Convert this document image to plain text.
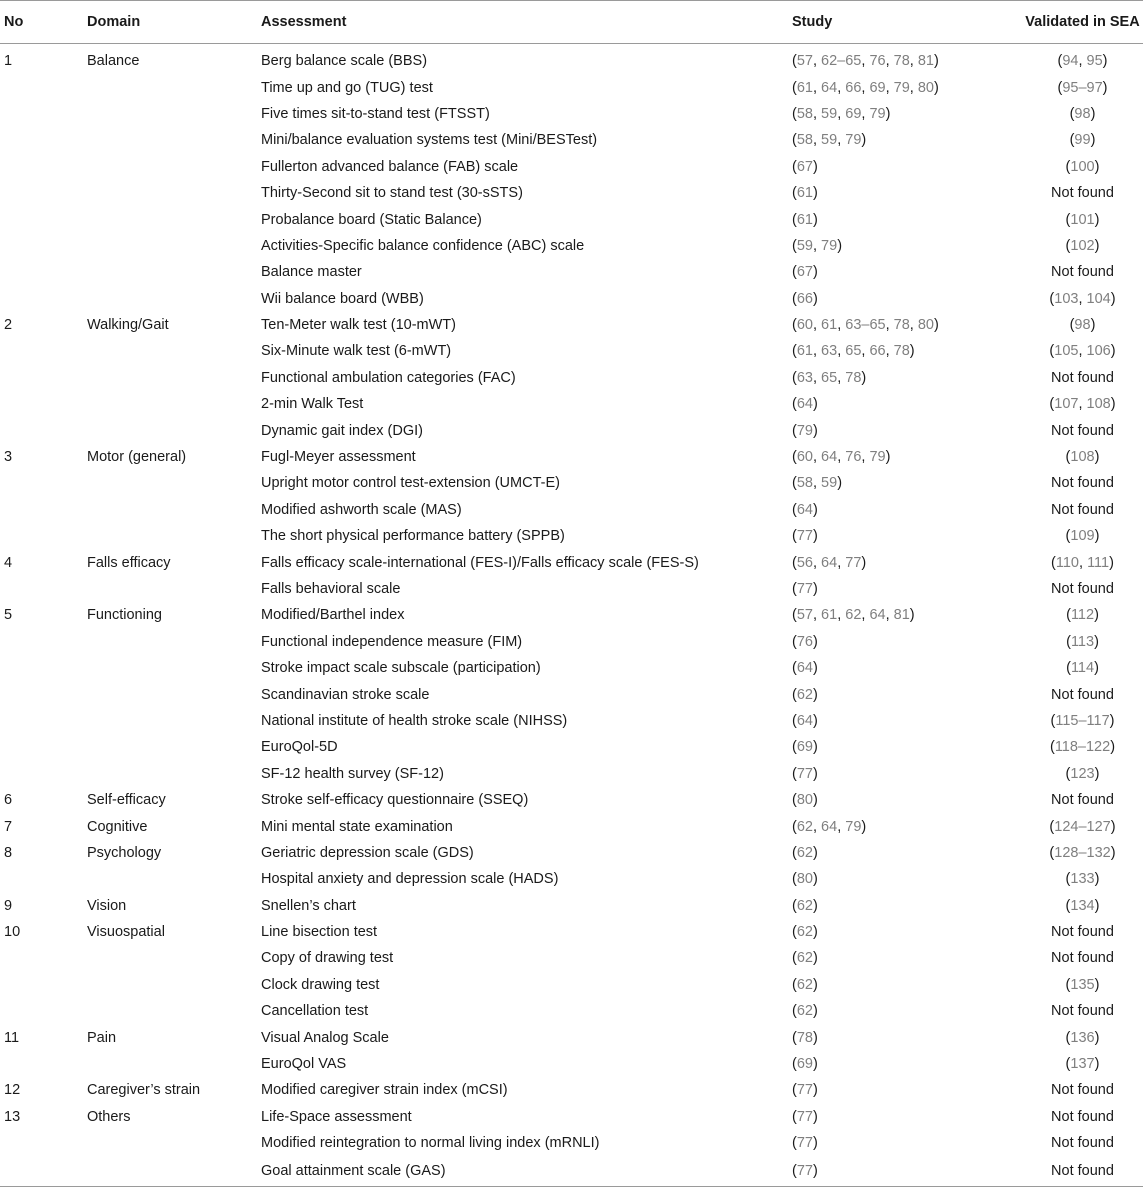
No	Domain	Assessment	Study	Validated in SEA
1	Balance	Berg balance scale (BBS)	(57, 62–65, 76, 78, 81)	(94, 95)
		Time up and go (TUG) test	(61, 64, 66, 69, 79, 80)	(95–97)
		Five times sit-to-stand test (FTSST)	(58, 59, 69, 79)	(98)
		Mini/balance evaluation systems test (Mini/BESTest)	(58, 59, 79)	(99)
		Fullerton advanced balance (FAB) scale	(67)	(100)
		Thirty-Second sit to stand test (30-sSTS)	(61)	Not found
		Probalance board (Static Balance)	(61)	(101)
		Activities-Specific balance confidence (ABC) scale	(59, 79)	(102)
		Balance master	(67)	Not found
		Wii balance board (WBB)	(66)	(103, 104)
2	Walking/Gait	Ten-Meter walk test (10-mWT)	(60, 61, 63–65, 78, 80)	(98)
		Six-Minute walk test (6-mWT)	(61, 63, 65, 66, 78)	(105, 106)
		Functional ambulation categories (FAC)	(63, 65, 78)	Not found
		2-min Walk Test	(64)	(107, 108)
		Dynamic gait index (DGI)	(79)	Not found
3	Motor (general)	Fugl-Meyer assessment	(60, 64, 76, 79)	(108)
		Upright motor control test-extension (UMCT-E)	(58, 59)	Not found
		Modified ashworth scale (MAS)	(64)	Not found
		The short physical performance battery (SPPB)	(77)	(109)
4	Falls efficacy	Falls efficacy scale-international (FES-I)/Falls efficacy scale (FES-S)	(56, 64, 77)	(110, 111)
		Falls behavioral scale	(77)	Not found
5	Functioning	Modified/Barthel index	(57, 61, 62, 64, 81)	(112)
		Functional independence measure (FIM)	(76)	(113)
		Stroke impact scale subscale (participation)	(64)	(114)
		Scandinavian stroke scale	(62)	Not found
		National institute of health stroke scale (NIHSS)	(64)	(115–117)
		EuroQol-5D	(69)	(118–122)
		SF-12 health survey (SF-12)	(77)	(123)
6	Self-efficacy	Stroke self-efficacy questionnaire (SSEQ)	(80)	Not found
7	Cognitive	Mini mental state examination	(62, 64, 79)	(124–127)
8	Psychology	Geriatric depression scale (GDS)	(62)	(128–132)
		Hospital anxiety and depression scale (HADS)	(80)	(133)
9	Vision	Snellen’s chart	(62)	(134)
10	Visuospatial	Line bisection test	(62)	Not found
		Copy of drawing test	(62)	Not found
		Clock drawing test	(62)	(135)
		Cancellation test	(62)	Not found
11	Pain	Visual Analog Scale	(78)	(136)
		EuroQol VAS	(69)	(137)
12	Caregiver’s strain	Modified caregiver strain index (mCSI)	(77)	Not found
13	Others	Life-Space assessment	(77)	Not found
		Modified reintegration to normal living index (mRNLI)	(77)	Not found
		Goal attainment scale (GAS)	(77)	Not found
